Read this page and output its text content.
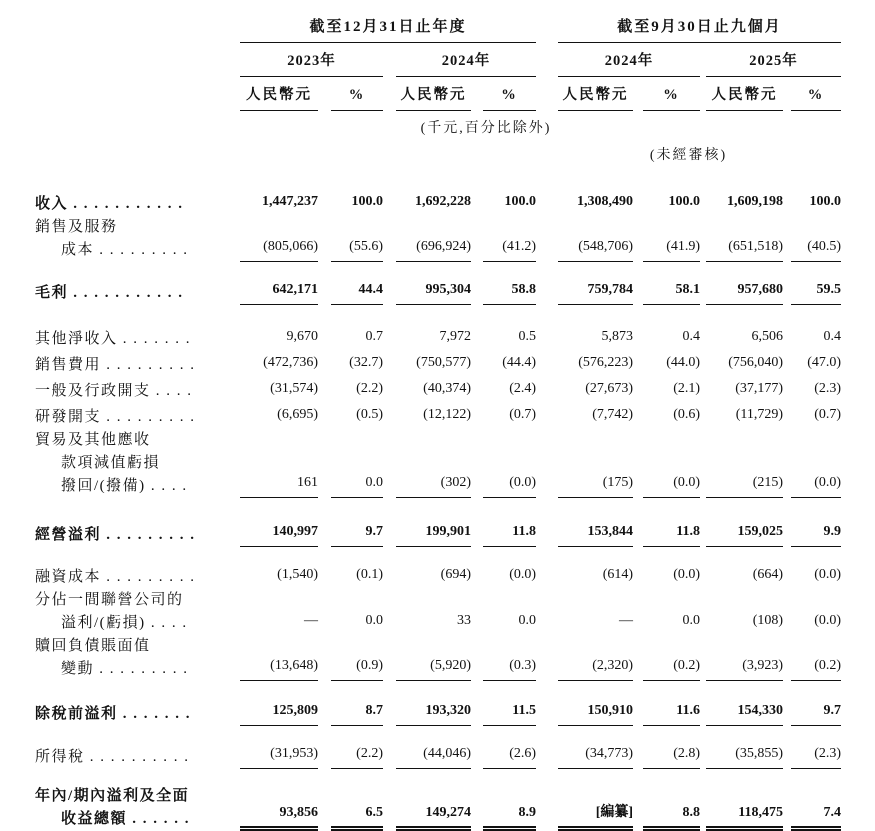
	截至12月31日止年度				截至9月30日止九個月			

	2023年		2024年		2024年		2025年	

	人民幣元	%	人民幣元	%	人民幣元	%	人民幣元	%

(千元,百分比除外)								

					(未經審核)			

收入 . . . . . . . . . . .	1,447,237	100.0	1,692,228	100.0	1,308,490	100.0	1,609,198	100.0

銷售及服務
成本 . . . . . . . . .	(805,066)	(55.6)	(696,924)	(41.2)	(548,706)	(41.9)	(651,518)	(40.5)

毛利 . . . . . . . . . . .	642,171	44.4	995,304	58.8	759,784	58.1	957,680	59.5

其他淨收入 . . . . . . .	9,670	0.7	7,972	0.5	5,873	0.4	6,506	0.4

銷售費用 . . . . . . . . .	(472,736)	(32.7)	(750,577)	(44.4)	(576,223)	(44.0)	(756,040)	(47.0)

一般及行政開支 . . . .	(31,574)	(2.2)	(40,374)	(2.4)	(27,673)	(2.1)	(37,177)	(2.3)

研發開支 . . . . . . . . .	(6,695)	(0.5)	(12,122)	(0.7)	(7,742)	(0.6)	(11,729)	(0.7)

貿易及其他應收
款項減值虧損
撥回/(撥備) . . . .	161	0.0	(302)	(0.0)	(175)	(0.0)	(215)	(0.0)

經營溢利 . . . . . . . . .	140,997	9.7	199,901	11.8	153,844	11.8	159,025	9.9

融資成本 . . . . . . . . .	(1,540)	(0.1)	(694)	(0.0)	(614)	(0.0)	(664)	(0.0)

分佔一間聯營公司的
溢利/(虧損) . . . .	—	0.0	33	0.0	—	0.0	(108)	(0.0)

贖回負債賬面值
變動 . . . . . . . . .	(13,648)	(0.9)	(5,920)	(0.3)	(2,320)	(0.2)	(3,923)	(0.2)

除稅前溢利 . . . . . . .	125,809	8.7	193,320	11.5	150,910	11.6	154,330	9.7

所得稅 . . . . . . . . . .	(31,953)	(2.2)	(44,046)	(2.6)	(34,773)	(2.8)	(35,855)	(2.3)

年內/期內溢利及全面
收益總額 . . . . . .	93,856	6.5	149,274	8.9	[編纂]	8.8	118,475	7.4
